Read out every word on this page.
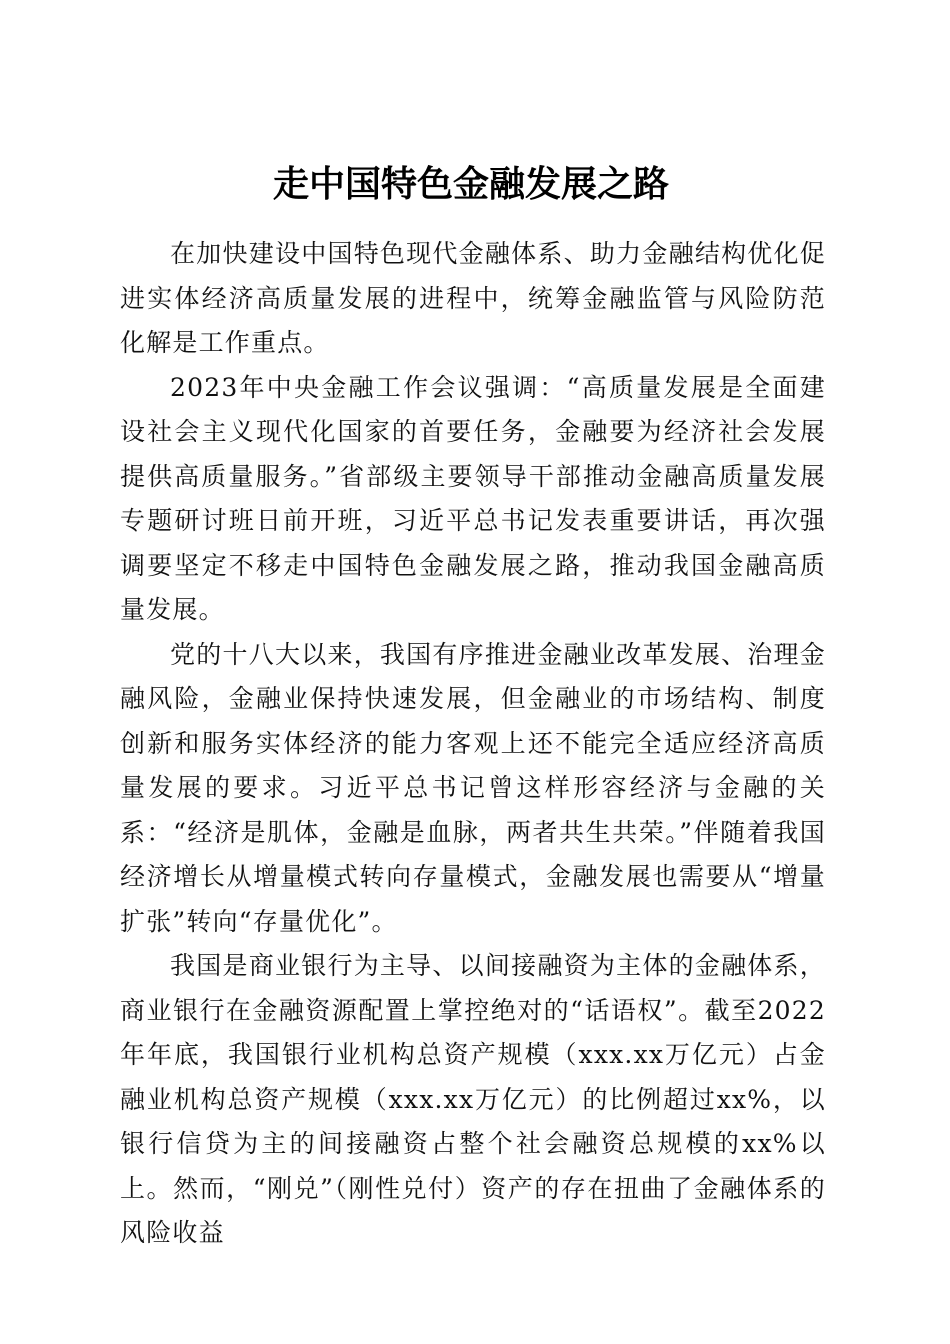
走中国特色金融发展之路

在加快建设中国特色现代金融体系、助力金融结构优化促进实体经济高质量发展的进程中，统筹金融监管与风险防范化解是工作重点。

2023年中央金融工作会议强调：“高质量发展是全面建设社会主义现代化国家的首要任务，金融要为经济社会发展提供高质量服务。”省部级主要领导干部推动金融高质量发展专题研讨班日前开班，习近平总书记发表重要讲话，再次强调要坚定不移走中国特色金融发展之路，推动我国金融高质量发展。

党的十八大以来，我国有序推进金融业改革发展、治理金融风险，金融业保持快速发展，但金融业的市场结构、制度创新和服务实体经济的能力客观上还不能完全适应经济高质量发展的要求。习近平总书记曾这样形容经济与金融的关系：“经济是肌体，金融是血脉，两者共生共荣。”伴随着我国经济增长从增量模式转向存量模式，金融发展也需要从“增量扩张”转向“存量优化”。

我国是商业银行为主导、以间接融资为主体的金融体系，商业银行在金融资源配置上掌控绝对的“话语权”。截至2022年年底，我国银行业机构总资产规模（xxx.xx万亿元）占金融业机构总资产规模（xxx.xx万亿元）的比例超过xx%，以银行信贷为主的间接融资占整个社会融资总规模的xx%以上。然而，“刚兑”（刚性兑付）资产的存在扭曲了金融体系的风险收益
